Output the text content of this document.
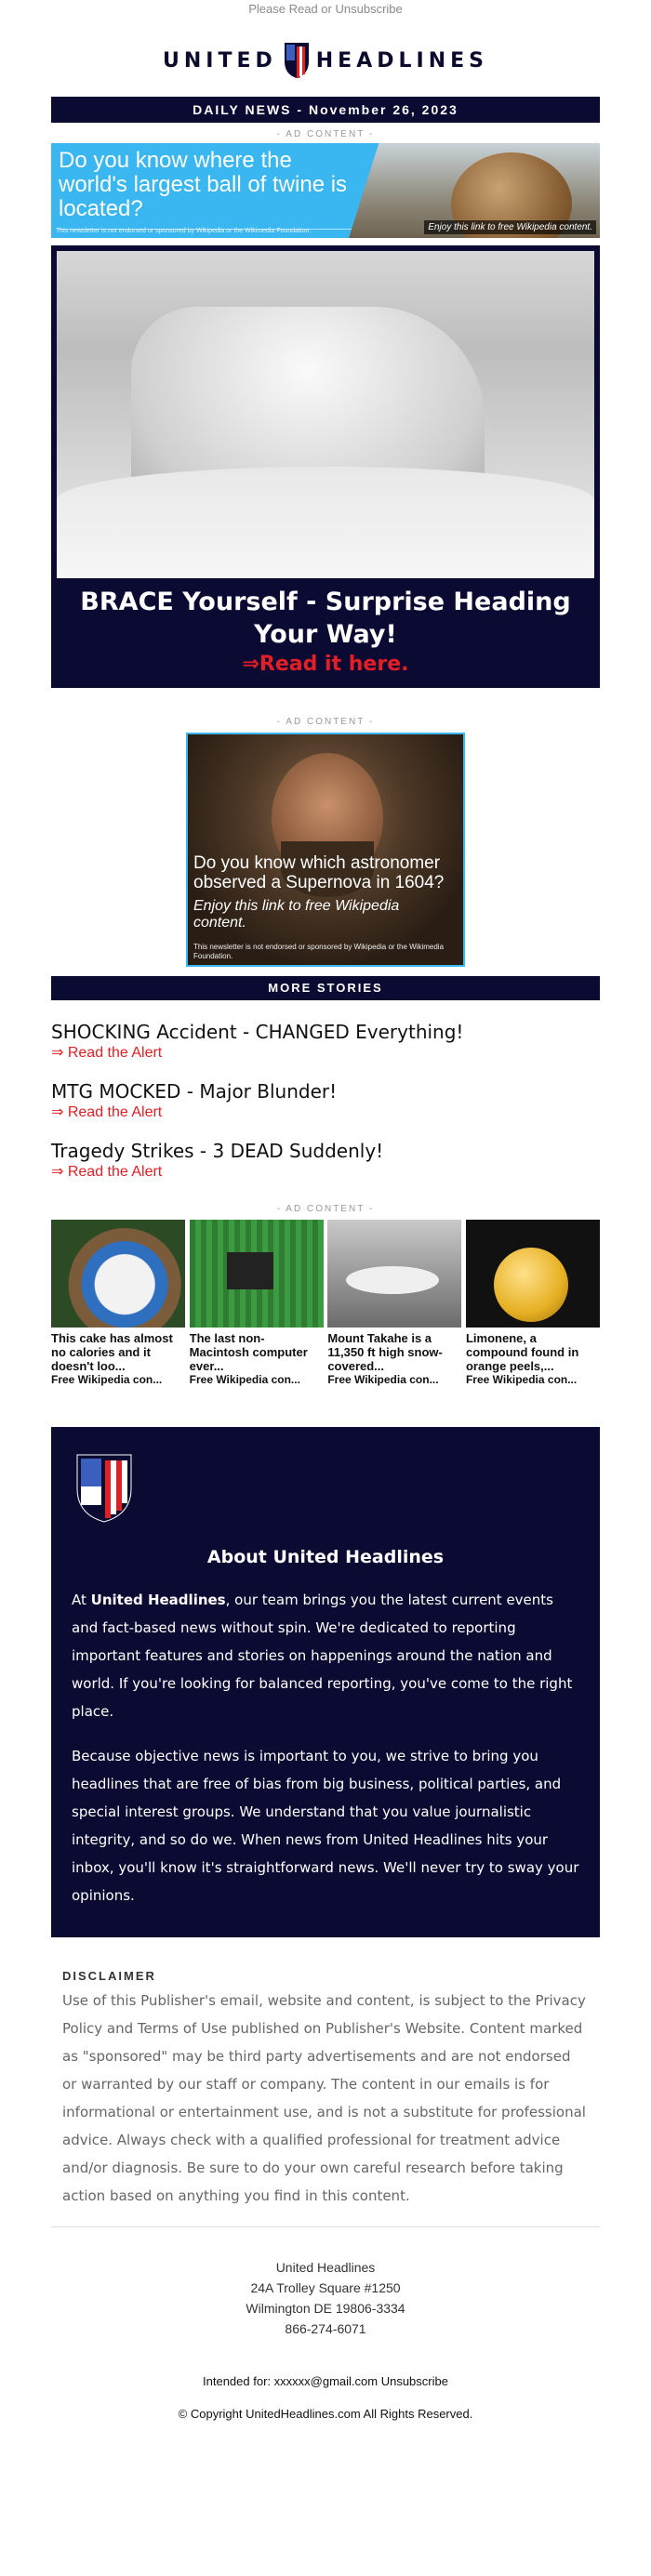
Please Read or Unsubscribe
UNITED HEADLINES
DAILY NEWS - November 26, 2023
- AD CONTENT -
Do you know where the world's largest ball of twine is located?
This newsletter is not endorsed or sponsored by Wikipedia or the Wikimedia Foundation.	Enjoy this link to free Wikipedia content.
BRACE Yourself - Surprise Heading Your Way!
⇒Read it here.
- AD CONTENT -
Do you know which astronomer observed a Supernova in 1604?
Enjoy this link to free Wikipedia content.
This newsletter is not endorsed or sponsored by Wikipedia or the Wikimedia Foundation.
MORE STORIES
SHOCKING Accident - CHANGED Everything!
⇒ Read the Alert
MTG MOCKED - Major Blunder!
⇒ Read the Alert
Tragedy Strikes - 3 DEAD Suddenly!
⇒ Read the Alert
- AD CONTENT -
This cake has almost no calories and it doesn't loo...
Free Wikipedia con...
The last non-Macintosh computer ever...
Free Wikipedia con...
Mount Takahe is a 11,350 ft high snow-covered...
Free Wikipedia con...
Limonene, a compound found in orange peels,...
Free Wikipedia con...
About United Headlines

At United Headlines, our team brings you the latest current events and fact-based news without spin. We're dedicated to reporting important features and stories on happenings around the nation and world. If you're looking for balanced reporting, you've come to the right place.

Because objective news is important to you, we strive to bring you headlines that are free of bias from big business, political parties, and special interest groups. We understand that you value journalistic integrity, and so do we. When news from United Headlines hits your inbox, you'll know it's straightforward news. We'll never try to sway your opinions.

DISCLAIMER

Use of this Publisher's email, website and content, is subject to the Privacy Policy and Terms of Use published on Publisher's Website. Content marked as "sponsored" may be third party advertisements and are not endorsed or warranted by our staff or company. The content in our emails is for informational or entertainment use, and is not a substitute for professional advice. Always check with a qualified professional for treatment advice and/or diagnosis. Be sure to do your own careful research before taking action based on anything you find in this content.

United Headlines
24A Trolley Square #1250
Wilmington DE 19806-3334
866-274-6071
Intended for: xxxxxx@gmail.com Unsubscribe
© Copyright UnitedHeadlines.com All Rights Reserved.
